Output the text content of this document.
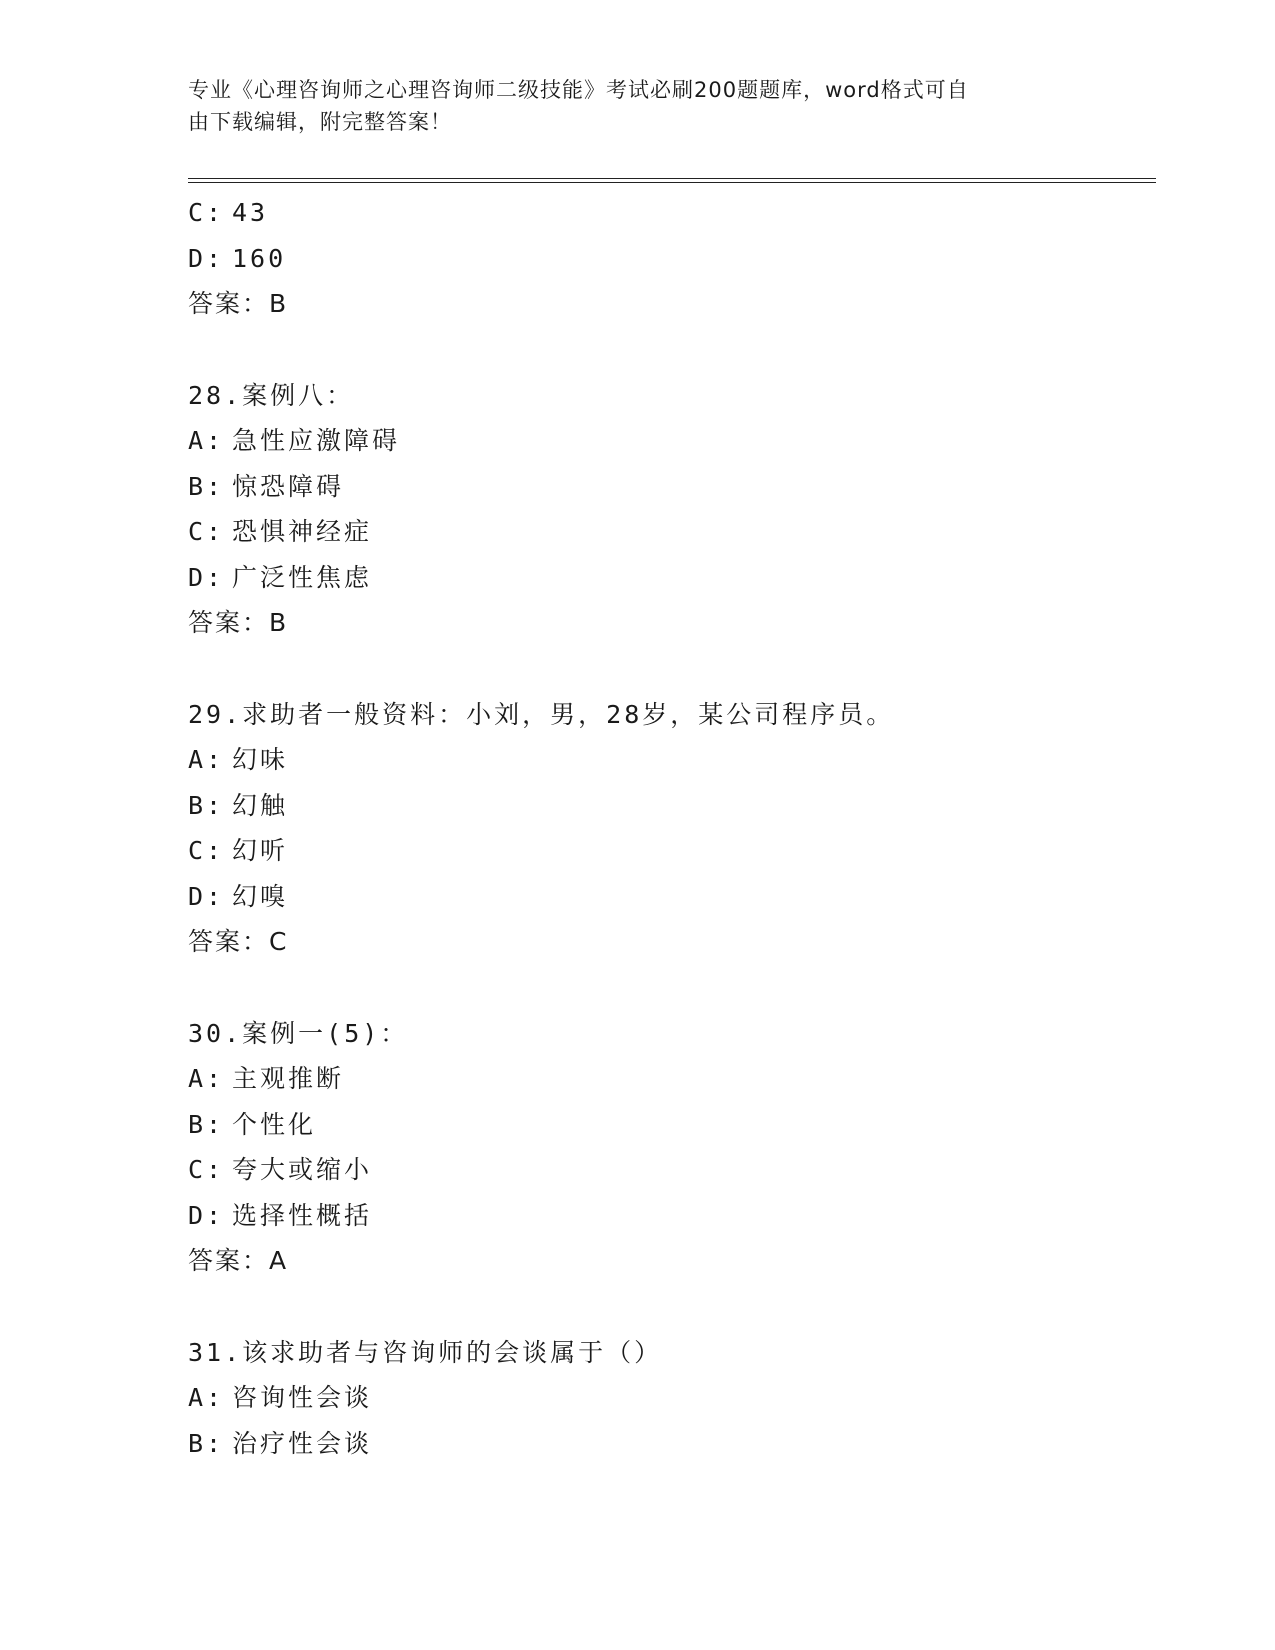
专业《心理咨询师之心理咨询师二级技能》考试必刷200题题库，word格式可自
由下载编辑，附完整答案！
C: 43
D: 160
答案：B
28.案例八：
A: 急性应激障碍
B: 惊恐障碍
C: 恐惧神经症
D: 广泛性焦虑
答案：B
29.求助者一般资料：小刘，男，28岁，某公司程序员。
A: 幻味
B: 幻触
C: 幻听
D: 幻嗅
答案：C
30.案例一(5)：
A: 主观推断
B: 个性化
C: 夸大或缩小
D: 选择性概括
答案：A
31.该求助者与咨询师的会谈属于（）
A: 咨询性会谈
B: 治疗性会谈
